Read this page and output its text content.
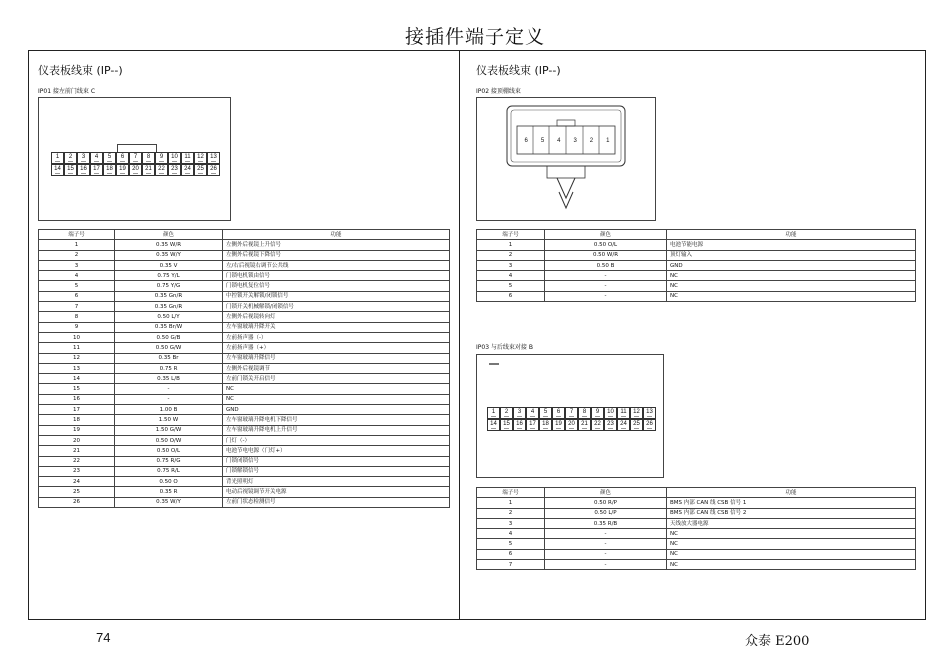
接插件端子定义
仪表板线束 (IP--)
IP01 接左前门线束 C
1	2	3	4	5	6	7	8	9	10	11	12	13
14	15	16	17	18	19	20	21	22	23	24	25	26
端子号	颜色	功能
1	0.35 W/R	左侧外后视镜上升信号
2	0.35 W/Y	左侧外后视镜下降信号
3	0.35 V	左/右后视镜右调节公共线
4	0.75 Y/L	门锁电机锁由信号
5	0.75 Y/G	门锁电机复位信号
6	0.35 Gn/R	中控锁开关解锁/闭锁信号
7	0.35 Gn/R	门锁开关机械解锁/闭锁信号
8	0.50 L/Y	左侧外后视镜转向灯
9	0.35 Br/W	左车窗玻璃升降开关
10	0.50 G/B	左前扬声器（-）
11	0.50 G/W	左前扬声器（+）
12	0.35 Br	左车窗玻璃升降信号
13	0.75 R	左侧外后视镜调节
14	0.35 L/B	左前门锁关开启信号
15	-	NC
16	-	NC
17	1.00 B	GND
18	1.50 W	左车窗玻璃升降电机下降信号
19	1.50 G/W	左车窗玻璃升降电机上升信号
20	0.50 O/W	门灯（-）
21	0.50 O/L	电池节电电源（门灯+）
22	0.75 R/G	门锁闭锁信号
23	0.75 R/L	门锁解锁信号
24	0.50 O	背光照明灯
25	0.35 R	电动后视镜调节开关电源
26	0.35 W/Y	左前门状态检测信号
仪表板线束 (IP--)
IP02 接顶棚线束
6 5 4 3 2 1
端子号	颜色	功能
1	0.50 O/L	电池节能电源
2	0.50 W/R	顶灯输入
3	0.50 B	GND
4	-	NC
5	-	NC
6	-	NC
IP03 与后线束对接 B
1	2	3	4	5	6	7	8	9	10	11	12	13
14	15	16	17	18	19	20	21	22	23	24	25	26
端子号	颜色	功能
1	0.50 R/P	BMS 内部 CAN 线 CSB 信号 1
2	0.50 L/P	BMS 内部 CAN 线 CSB 信号 2
3	0.35 R/B	天线放大器电源
4	-	NC
5	-	NC
6	-	NC
7	-	NC
74	众泰 E200
